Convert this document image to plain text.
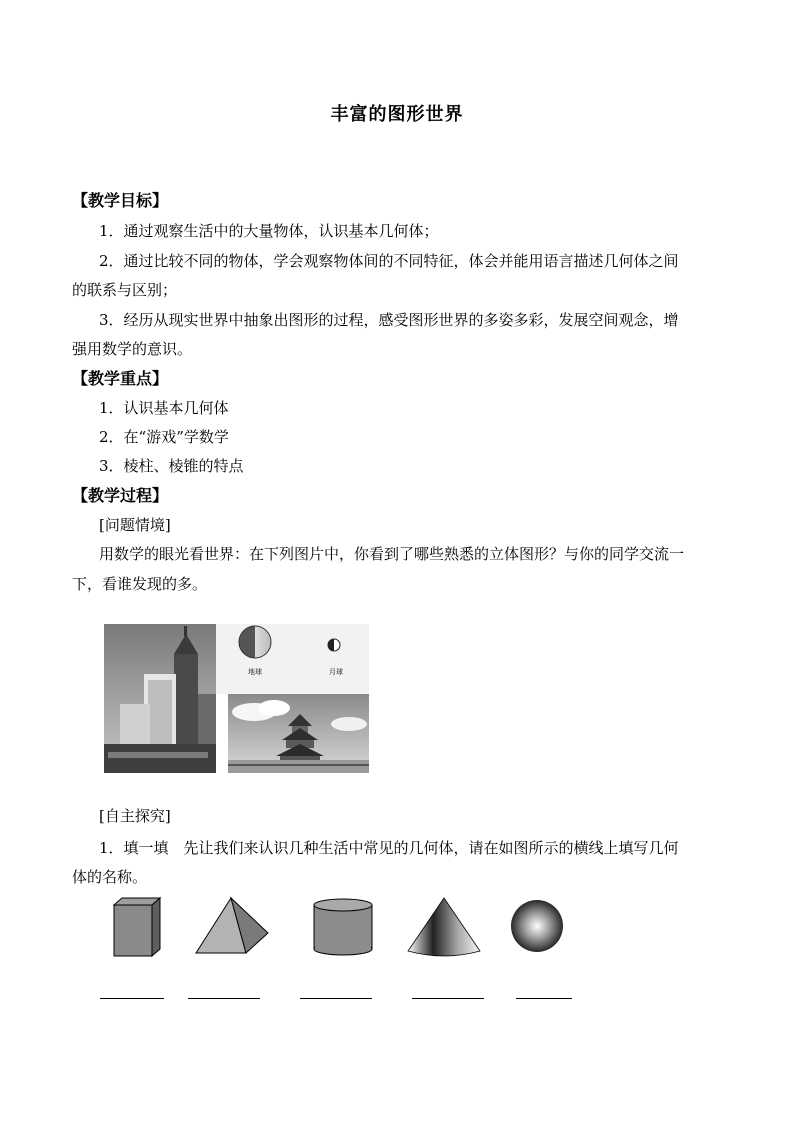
丰富的图形世界
【教学目标】
1．通过观察生活中的大量物体，认识基本几何体；
2．通过比较不同的物体，学会观察物体间的不同特征，体会并能用语言描述几何体之间
的联系与区别；
3．经历从现实世界中抽象出图形的过程，感受图形世界的多姿多彩，发展空间观念，增
强用数学的意识。
【教学重点】
1．认识基本几何体
2．在“游戏”学数学
3．棱柱、棱锥的特点
【教学过程】
[问题情境]
用数学的眼光看世界：在下列图片中，你看到了哪些熟悉的立体图形？与你的同学交流一
下，看谁发现的多。
地球	月球
[自主探究]
1．填一填　先让我们来认识几种生活中常见的几何体，请在如图所示的横线上填写几何
体的名称。
